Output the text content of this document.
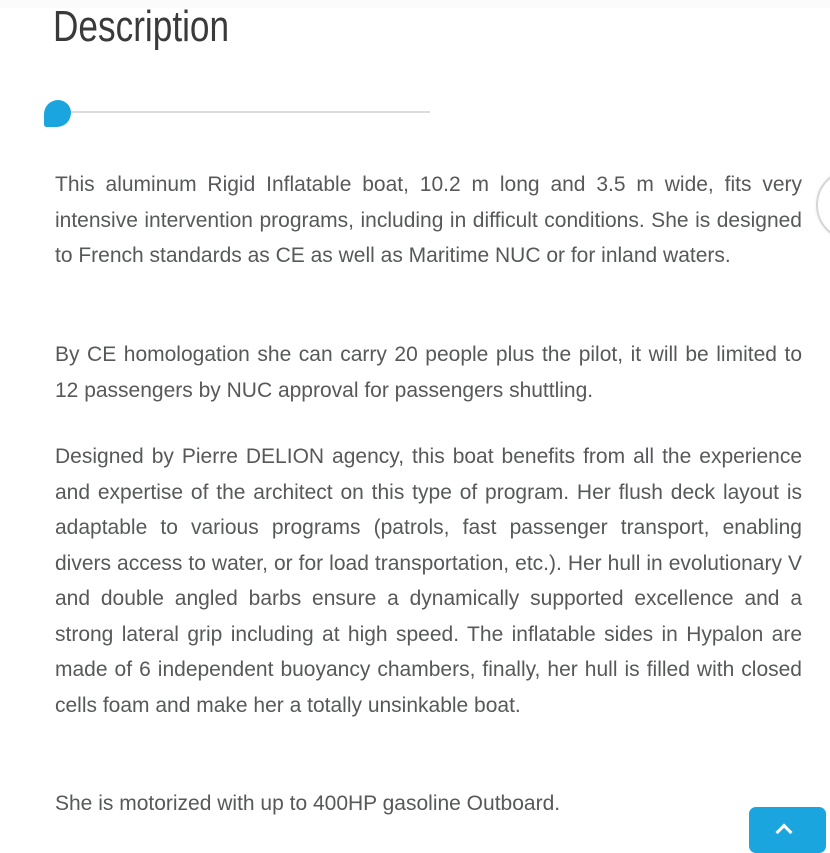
Description

This aluminum Rigid Inflatable boat, 10.2 m long and 3.5 m wide, fits very intensive intervention programs, including in difficult conditions. She is designed to French standards as CE as well as Maritime NUC or for inland waters.

By CE homologation she can carry 20 people plus the pilot, it will be limited to 12 passengers by NUC approval for passengers shuttling.

Designed by Pierre DELION agency, this boat benefits from all the experience and expertise of the architect on this type of program. Her flush deck layout is adaptable to various programs (patrols, fast passenger transport, enabling divers access to water, or for load transportation, etc.). Her hull in evolutionary V and double angled barbs ensure a dynamically supported excellence and a strong lateral grip including at high speed. The inflatable sides in Hypalon are made of 6 independent buoyancy chambers, finally, her hull is filled with closed cells foam and make her a totally unsinkable boat.

She is motorized with up to 400HP gasoline Outboard.
